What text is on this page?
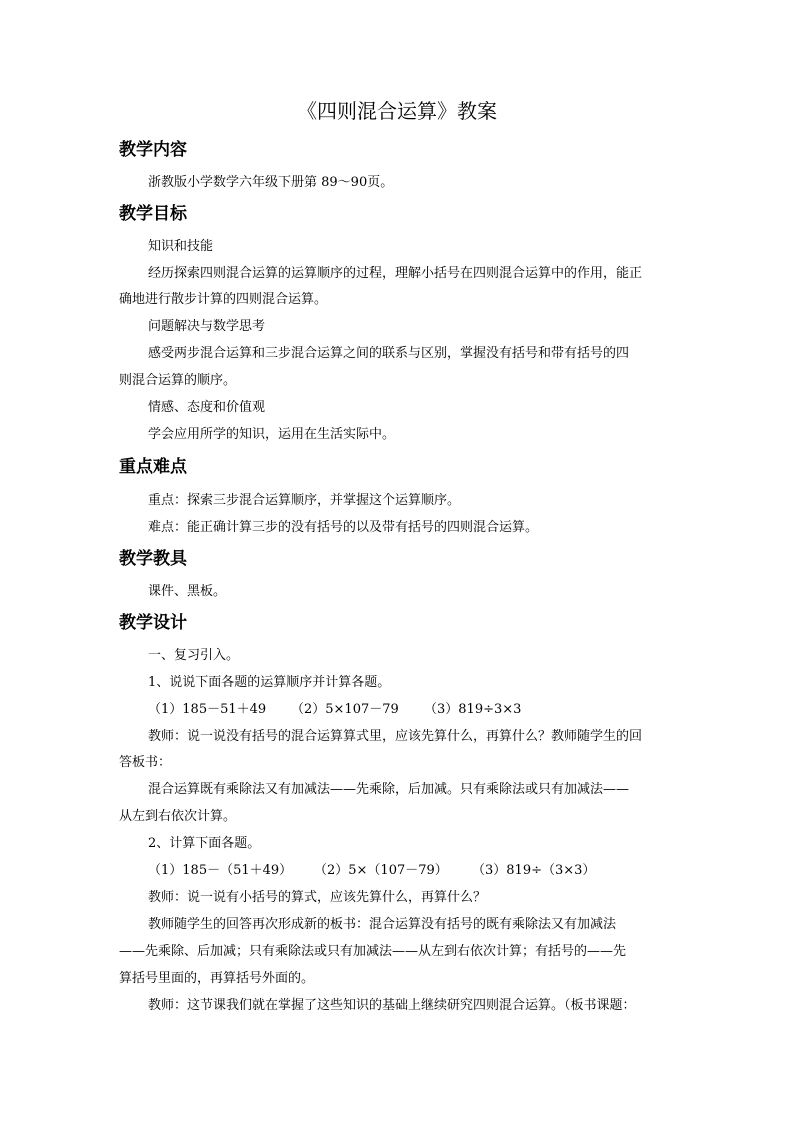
《四则混合运算》教案
教学内容
浙教版小学数学六年级下册第 89～90页。
教学目标
知识和技能
经历探索四则混合运算的运算顺序的过程，理解小括号在四则混合运算中的作用，能正
确地进行散步计算的四则混合运算。
问题解决与数学思考
感受两步混合运算和三步混合运算之间的联系与区别，掌握没有括号和带有括号的四
则混合运算的顺序。
情感、态度和价值观
学会应用所学的知识，运用在生活实际中。
重点难点
重点：探索三步混合运算顺序，并掌握这个运算顺序。
难点：能正确计算三步的没有括号的以及带有括号的四则混合运算。
教学教具
课件、黑板。
教学设计
一、复习引入。
1、说说下面各题的运算顺序并计算各题。
（1）185－51＋49 （2）5×107－79 （3）819÷3×3
教师：说一说没有括号的混合运算算式里，应该先算什么，再算什么？教师随学生的回
答板书：
混合运算既有乘除法又有加减法——先乘除，后加减。只有乘除法或只有加减法——
从左到右依次计算。
2、计算下面各题。
（1）185－（51＋49） （2）5×（107－79） （3）819÷（3×3）
教师：说一说有小括号的算式，应该先算什么，再算什么？
教师随学生的回答再次形成新的板书：混合运算没有括号的既有乘除法又有加减法
——先乘除、后加减；只有乘除法或只有加减法——从左到右依次计算；有括号的——先
算括号里面的，再算括号外面的。
教师：这节课我们就在掌握了这些知识的基础上继续研究四则混合运算。（板书课题：
